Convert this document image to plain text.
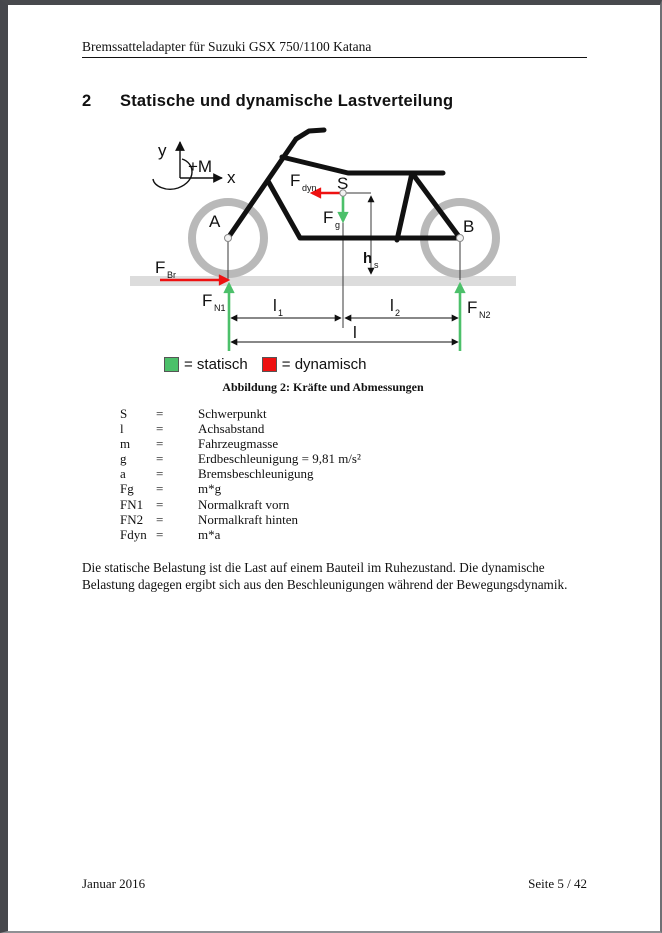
Bremssatteladapter für Suzuki GSX 750/1100 Katana
2 Statische und dynamische Lastverteilung
y
x
+M
A	B
S
F Br
F N1	F N2
F dyn
F g
h s
l 1	l 2
l
= statisch = dynamisch
Abbildung 2: Kräfte und Abmessungen
S	=	Schwerpunkt
l	=	Achsabstand
m	=	Fahrzeugmasse
g	=	Erdbeschleunigung = 9,81 m/s²
a	=	Bremsbeschleunigung
Fg	=	m*g
FN1 =	Normalkraft vorn
FN2 =	Normalkraft hinten
Fdyn =	m*a
Die statische Belastung ist die Last auf einem Bauteil im Ruhezustand. Die dynamische Belastung dagegen ergibt sich aus den Beschleunigungen während der Bewegungsdynamik.
Januar 2016	Seite 5 / 42
